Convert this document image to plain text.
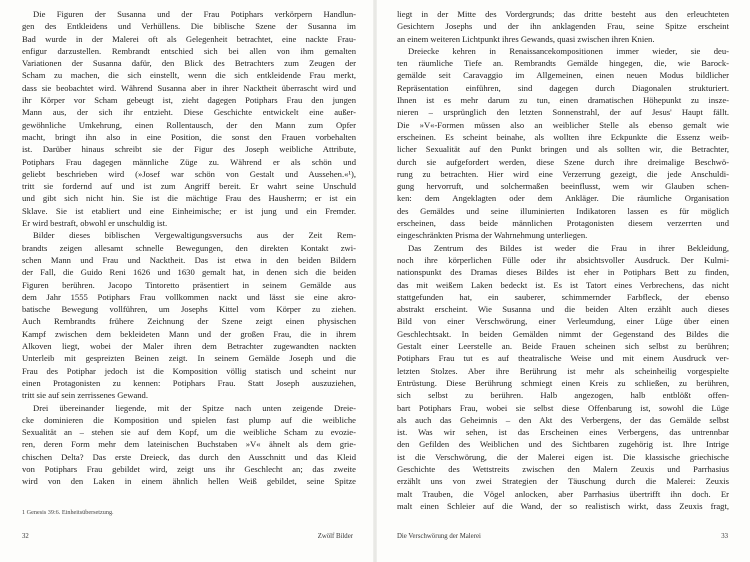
Die Figuren der Susanna und der Frau Potiphars verkörpern Handlun-
gen des Entkleidens und Verhüllens. Die biblische Szene der Susanna im
Bad wurde in der Malerei oft als Gelegenheit betrachtet, eine nackte Frau-
enfigur darzustellen. Rembrandt entschied sich bei allen von ihm gemalten
Variationen der Susanna dafür, den Blick des Betrachters zum Zeugen der
Scham zu machen, die sich einstellt, wenn die sich entkleidende Frau merkt,
dass sie beobachtet wird. Während Susanna aber in ihrer Nacktheit überrascht wird und
ihr Körper vor Scham gebeugt ist, zieht dagegen Potiphars Frau den jungen
Mann aus, der sich ihr entzieht. Diese Geschichte entwickelt eine außer-
gewöhnliche Umkehrung, einen Rollentausch, der den Mann zum Opfer
macht, bringt ihn also in eine Position, die sonst den Frauen vorbehalten
ist. Darüber hinaus schreibt sie der Figur des Joseph weibliche Attribute,
Potiphars Frau dagegen männliche Züge zu. Während er als schön und
geliebt beschrieben wird (»Josef war schön von Gestalt und Aussehen.«¹),
tritt sie fordernd auf und ist zum Angriff bereit. Er wahrt seine Unschuld
und gibt sich nicht hin. Sie ist die mächtige Frau des Hausherrn; er ist ein
Sklave. Sie ist etabliert und eine Einheimische; er ist jung und ein Fremder.
Er wird bestraft, obwohl er unschuldig ist.
Bilder dieses biblischen Vergewaltigungsversuchs aus der Zeit Rem-
brandts zeigen allesamt schnelle Bewegungen, den direkten Kontakt zwi-
schen Mann und Frau und Nacktheit. Das ist etwa in den beiden Bildern
der Fall, die Guido Reni 1626 und 1630 gemalt hat, in denen sich die beiden
Figuren berühren. Jacopo Tintoretto präsentiert in seinem Gemälde aus
dem Jahr 1555 Potiphars Frau vollkommen nackt und lässt sie eine akro-
batische Bewegung vollführen, um Josephs Kittel vom Körper zu ziehen.
Auch Rembrandts frühere Zeichnung der Szene zeigt einen physischen
Kampf zwischen dem bekleideten Mann und der großen Frau, die in ihrem
Alkoven liegt, wobei der Maler ihren dem Betrachter zugewandten nackten
Unterleib mit gespreizten Beinen zeigt. In seinem Gemälde Joseph und die
Frau des Potiphar jedoch ist die Komposition völlig statisch und scheint nur
einen Protagonisten zu kennen: Potiphars Frau. Statt Joseph auszuziehen,
tritt sie auf sein zerrissenes Gewand.
Drei übereinander liegende, mit der Spitze nach unten zeigende Dreie-
cke dominieren die Komposition und spielen fast plump auf die weibliche
Sexualität an – stehen sie auf dem Kopf, um die weibliche Scham zu evozie-
ren, deren Form mehr dem lateinischen Buchstaben »V« ähnelt als dem grie-
chischen Delta? Das erste Dreieck, das durch den Ausschnitt und das Kleid
von Potiphars Frau gebildet wird, zeigt uns ihr Geschlecht an; das zweite
wird von den Laken in einem ähnlich hellen Weiß gebildet, seine Spitze
1 Genesis 39:6. Einheitsübersetzung.
32	Zwölf Bilder
liegt in der Mitte des Vordergrunds; das dritte besteht aus den erleuchteten
Gesichtern Josephs und der ihn anklagenden Frau, seine Spitze erscheint
an einem weiteren Lichtpunkt ihres Gewands, quasi zwischen ihren Knien.
Dreiecke kehren in Renaissancekompositionen immer wieder, sie deu-
ten räumliche Tiefe an. Rembrandts Gemälde hingegen, die, wie Barock-
gemälde seit Caravaggio im Allgemeinen, einen neuen Modus bildlicher
Repräsentation einführen, sind dagegen durch Diagonalen strukturiert.
Ihnen ist es mehr darum zu tun, einen dramatischen Höhepunkt zu insze-
nieren – ursprünglich den letzten Sonnenstrahl, der auf Jesus' Haupt fällt.
Die »V«-Formen müssen also an weiblicher Stelle als ebenso gemalt wie
erscheinen. Es scheint beinahe, als wollten ihre Eckpunkte die Essenz weib-
licher Sexualität auf den Punkt bringen und als sollten wir, die Betrachter,
durch sie aufgefordert werden, diese Szene durch ihre dreimalige Beschwö-
rung zu betrachten. Hier wird eine Verzerrung gezeigt, die jede Anschuldi-
gung hervorruft, und solchermaßen beeinflusst, wem wir Glauben schen-
ken: dem Angeklagten oder dem Ankläger. Die räumliche Organisation
des Gemäldes und seine illuminierten Indikatoren lassen es für möglich
erscheinen, dass beide männlichen Protagonisten diesem verzerrten und
eingeschränkten Prisma der Wahrnehmung unterliegen.
Das Zentrum des Bildes ist weder die Frau in ihrer Bekleidung,
noch ihre körperlichen Fülle oder ihr absichtsvoller Ausdruck. Der Kulmi-
nationspunkt des Dramas dieses Bildes ist eher in Potiphars Bett zu finden,
das mit weißem Laken bedeckt ist. Es ist Tatort eines Verbrechens, das nicht
stattgefunden hat, ein sauberer, schimmernder Farbfleck, der ebenso
abstrakt erscheint. Wie Susanna und die beiden Alten erzählt auch dieses
Bild von einer Verschwörung, einer Verleumdung, einer Lüge über einen
Geschlechtsakt. In beiden Gemälden nimmt der Gegenstand des Bildes die
Gestalt einer Leerstelle an. Beide Frauen scheinen sich selbst zu berühren;
Potiphars Frau tut es auf theatralische Weise und mit einem Ausdruck ver-
letzten Stolzes. Aber ihre Berührung ist mehr als scheinheilig vorgespielte
Entrüstung. Diese Berührung schmiegt einen Kreis zu schließen, zu berühren,
sich selbst zu berühren. Halb angezogen, halb entblößt offen-
bart Potiphars Frau, wobei sie selbst diese Offenbarung ist, sowohl die Lüge
als auch das Geheimnis – den Akt des Verbergens, der das Gemälde selbst
ist. Was wir sehen, ist das Erscheinen eines Verbergens, das untrennbar
den Gefilden des Weiblichen und des Sichtbaren zugehörig ist. Ihre Intrige
ist die Verschwörung, die der Malerei eigen ist. Die klassische griechische
Geschichte des Wettstreits zwischen den Malern Zeuxis und Parrhasius
erzählt uns von zwei Strategien der Täuschung durch die Malerei: Zeuxis
malt Trauben, die Vögel anlocken, aber Parrhasius übertrifft ihn doch. Er
malt einen Schleier auf die Wand, der so realistisch wirkt, dass Zeuxis fragt,
Die Verschwörung der Malerei	33
